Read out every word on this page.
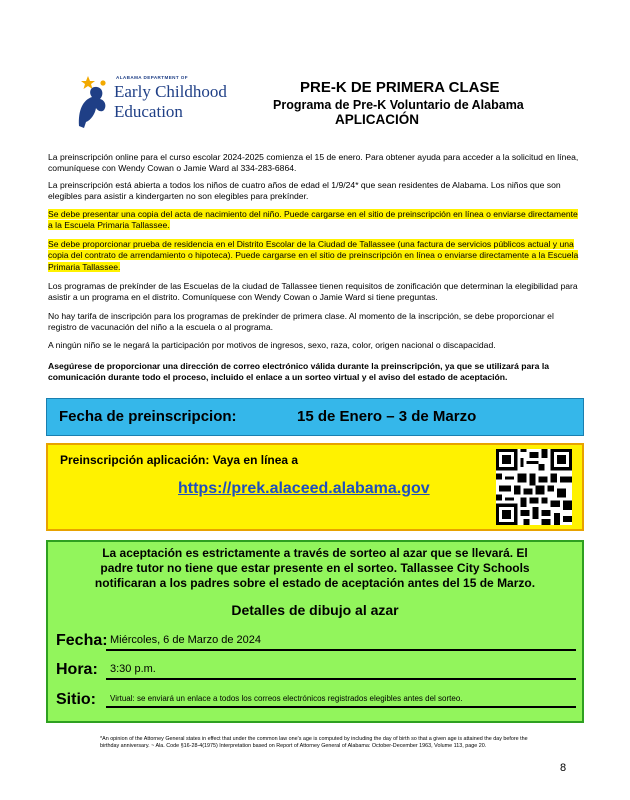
ALABAMA DEPARTMENT OF
Early Childhood
Education
PRE-K DE PRIMERA CLASE
Programa de Pre-K Voluntario de Alabama
APLICACIÓN
La preinscripción online para el curso escolar 2024-2025 comienza el 15 de enero. Para obtener ayuda para acceder a la solicitud en línea, comuníquese con Wendy Cowan o Jamie Ward al 334-283-6864.
La preinscripción está abierta a todos los niños de cuatro años de edad el 1/9/24* que sean residentes de Alabama. Los niños que son elegibles para asistir a kindergarten no son elegibles para prekínder.
Se debe presentar una copia del acta de nacimiento del niño. Puede cargarse en el sitio de preinscripción en línea o enviarse directamente a la Escuela Primaria Tallassee.
Se debe proporcionar prueba de residencia en el Distrito Escolar de la Ciudad de Tallassee (una factura de servicios públicos actual y una copia del contrato de arrendamiento o hipoteca). Puede cargarse en el sitio de preinscripción en línea o enviarse directamente a la Escuela Primaria Tallassee.
Los programas de prekínder de las Escuelas de la ciudad de Tallassee tienen requisitos de zonificación que determinan la elegibilidad para asistir a un programa en el distrito. Comuníquese con Wendy Cowan o Jamie Ward si tiene preguntas.
No hay tarifa de inscripción para los programas de prekínder de primera clase. Al momento de la inscripción, se debe proporcionar el registro de vacunación del niño a la escuela o al programa.
A ningún niño se le negará la participación por motivos de ingresos, sexo, raza, color, origen nacional o discapacidad.
Asegúrese de proporcionar una dirección de correo electrónico válida durante la preinscripción, ya que se utilizará para la comunicación durante todo el proceso, incluido el enlace a un sorteo virtual y el aviso del estado de aceptación.
Fecha de preinscripcion:	15 de Enero – 3 de Marzo
Preinscripción aplicación: Vaya en línea a
https://prek.alaceed.alabama.gov
La aceptación es estrictamente a través de sorteo al azar que se llevará. El
padre tutor no tiene que estar presente en el sorteo. Tallassee City Schools
notificaran a los padres sobre el estado de aceptación antes del 15 de Marzo.
Detalles de dibujo al azar
Fecha: Miércoles, 6 de Marzo de 2024
Hora: 3:30 p.m.
Sitio: Virtual: se enviará un enlace a todos los correos electrónicos registrados elegibles antes del sorteo.
*An opinion of the Attorney General states in effect that under the common law one's age is computed by including the day of birth so that a given age is attained the day before the birthday anniversary. ~ Ala. Code §16-28-4(1975) Interpretation based on Report of Attorney General of Alabama: October-December 1963, Volume 113, page 20.
8
